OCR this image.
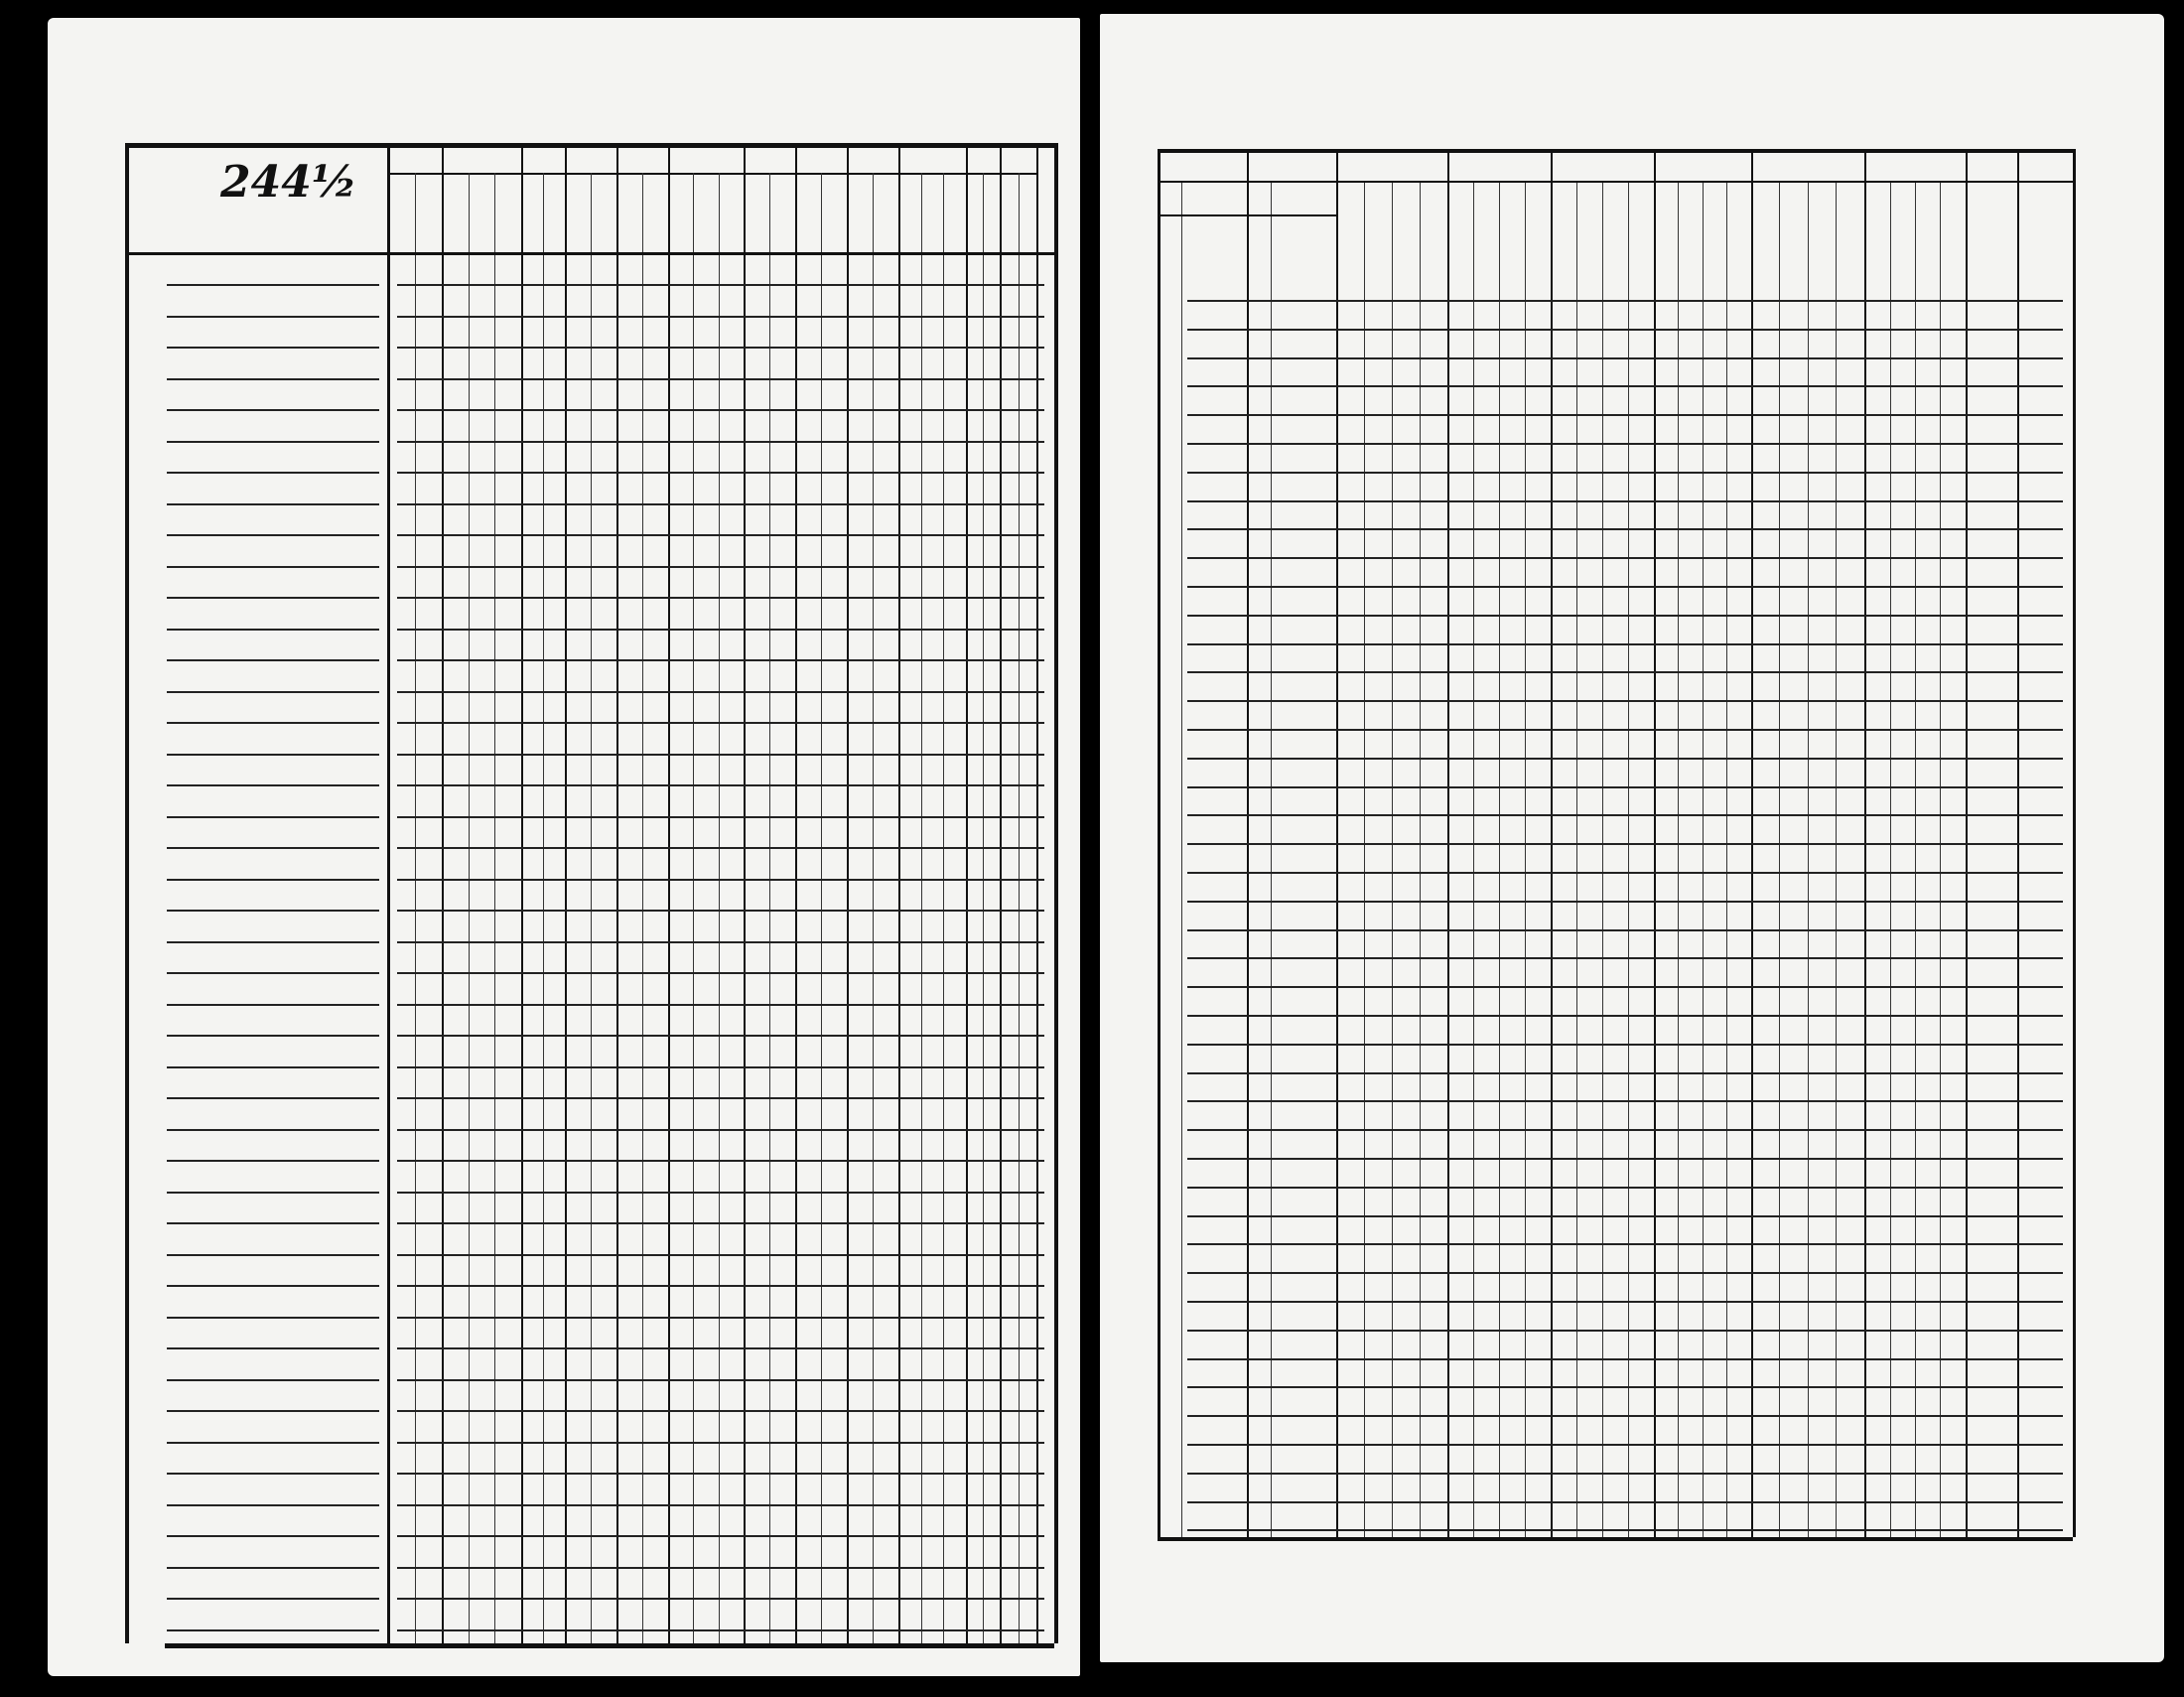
244½
